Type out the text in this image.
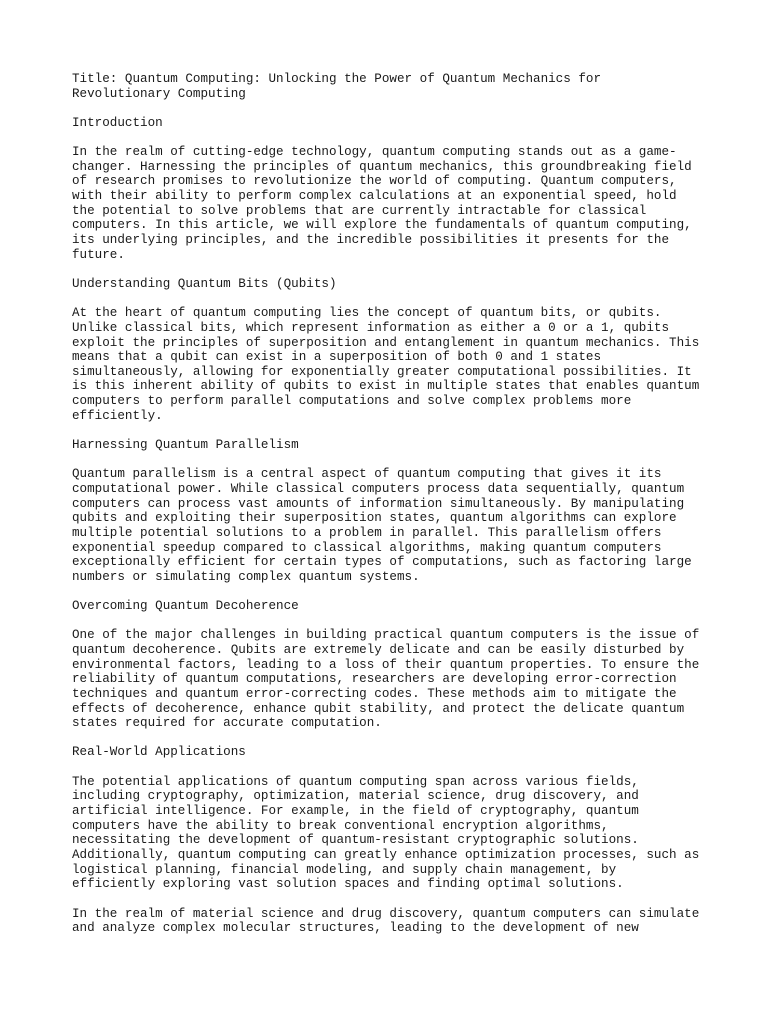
Title: Quantum Computing: Unlocking the Power of Quantum Mechanics for
Revolutionary Computing
Introduction
In the realm of cutting-edge technology, quantum computing stands out as a game-
changer. Harnessing the principles of quantum mechanics, this groundbreaking field
of research promises to revolutionize the world of computing. Quantum computers,
with their ability to perform complex calculations at an exponential speed, hold
the potential to solve problems that are currently intractable for classical
computers. In this article, we will explore the fundamentals of quantum computing,
its underlying principles, and the incredible possibilities it presents for the
future.
Understanding Quantum Bits (Qubits)
At the heart of quantum computing lies the concept of quantum bits, or qubits.
Unlike classical bits, which represent information as either a 0 or a 1, qubits
exploit the principles of superposition and entanglement in quantum mechanics. This
means that a qubit can exist in a superposition of both 0 and 1 states
simultaneously, allowing for exponentially greater computational possibilities. It
is this inherent ability of qubits to exist in multiple states that enables quantum
computers to perform parallel computations and solve complex problems more
efficiently.
Harnessing Quantum Parallelism
Quantum parallelism is a central aspect of quantum computing that gives it its
computational power. While classical computers process data sequentially, quantum
computers can process vast amounts of information simultaneously. By manipulating
qubits and exploiting their superposition states, quantum algorithms can explore
multiple potential solutions to a problem in parallel. This parallelism offers
exponential speedup compared to classical algorithms, making quantum computers
exceptionally efficient for certain types of computations, such as factoring large
numbers or simulating complex quantum systems.
Overcoming Quantum Decoherence
One of the major challenges in building practical quantum computers is the issue of
quantum decoherence. Qubits are extremely delicate and can be easily disturbed by
environmental factors, leading to a loss of their quantum properties. To ensure the
reliability of quantum computations, researchers are developing error-correction
techniques and quantum error-correcting codes. These methods aim to mitigate the
effects of decoherence, enhance qubit stability, and protect the delicate quantum
states required for accurate computation.
Real-World Applications
The potential applications of quantum computing span across various fields,
including cryptography, optimization, material science, drug discovery, and
artificial intelligence. For example, in the field of cryptography, quantum
computers have the ability to break conventional encryption algorithms,
necessitating the development of quantum-resistant cryptographic solutions.
Additionally, quantum computing can greatly enhance optimization processes, such as
logistical planning, financial modeling, and supply chain management, by
efficiently exploring vast solution spaces and finding optimal solutions.
In the realm of material science and drug discovery, quantum computers can simulate
and analyze complex molecular structures, leading to the development of new
